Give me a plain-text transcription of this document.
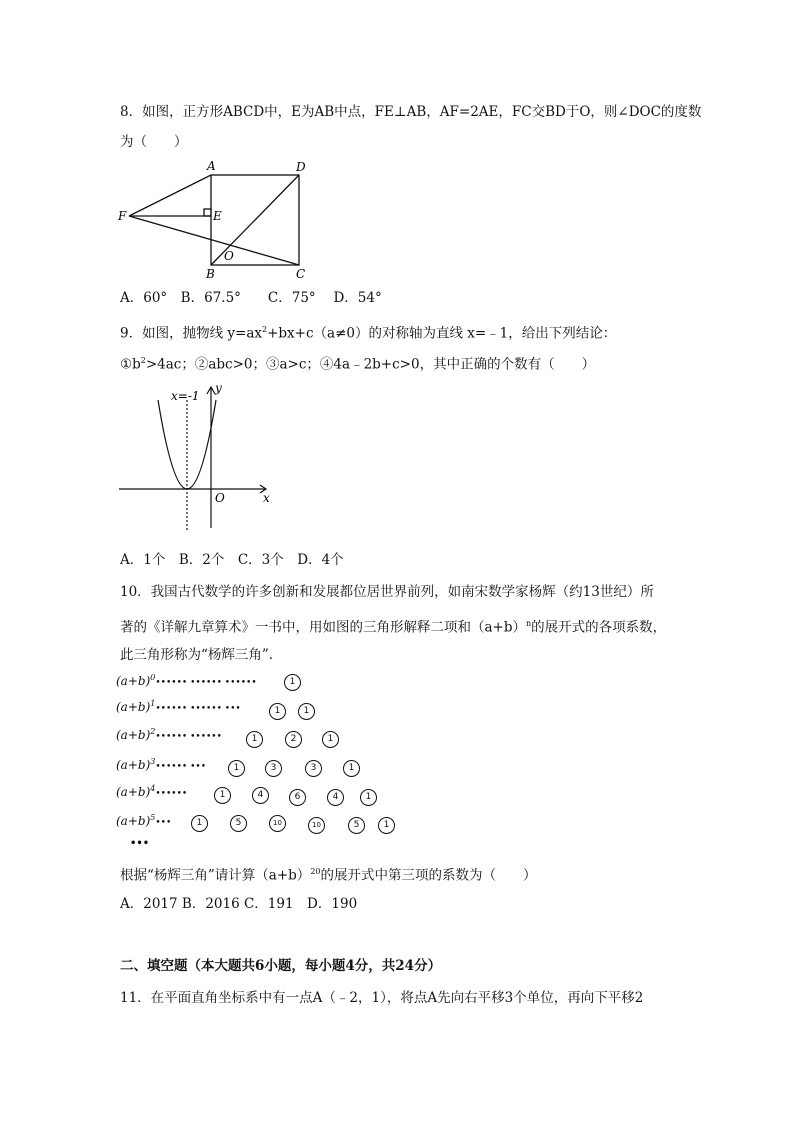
8．如图，正方形ABCD中，E为AB中点，FE⊥AB，AF=2AE，FC交BD于O，则∠DOC的度数
为（　　）
A	D
F	E
B	C
O
A．60°　B．67.5°　　C．75°　 D．54°
9．如图，抛物线 $y=ax^2+bx+c(a\ne 0)$的对称轴为直线 x=﹣1，给出下列结论：
$①b^2>4ac$；②abc>0；③a>c；④4a﹣2b+c>0，其中正确的个数有（　　）
x=-1
y
x
O
A．1个　B．2个　C．3个　D．4个
10．我国古代数学的许多创新和发展都位居世界前列，如南宋数学家杨辉（约13世纪）所
著的《详解九章算术》一书中，用如图的三角形解释二项和$(a+b)^n$的展开式的各项系数，
此三角形称为“杨辉三角”．
$(a+b)^0••••••$ •••••• ••••••	1
$(a+b)^1••••••$ •••••• •••	1	1
$(a+b)^2••••••$ ••••••	1	2	1
$(a+b)^3••••••$ •••	1	3	3	1
$(a+b)^4••••••$	1	4	6	4	1
$(a+b)^5•••$	1	5	10	10	5	1
•••
根据“杨辉三角”请计算$(a+b)^{20}$的展开式中第三项的系数为（　　）
A．2017 B．2016 C．191　D．190
二、填空题（本大题共6小题，每小题4分，共24分）
11．在平面直角坐标系中有一点A（﹣2，1），将点A先向右平移3个单位，再向下平移2
